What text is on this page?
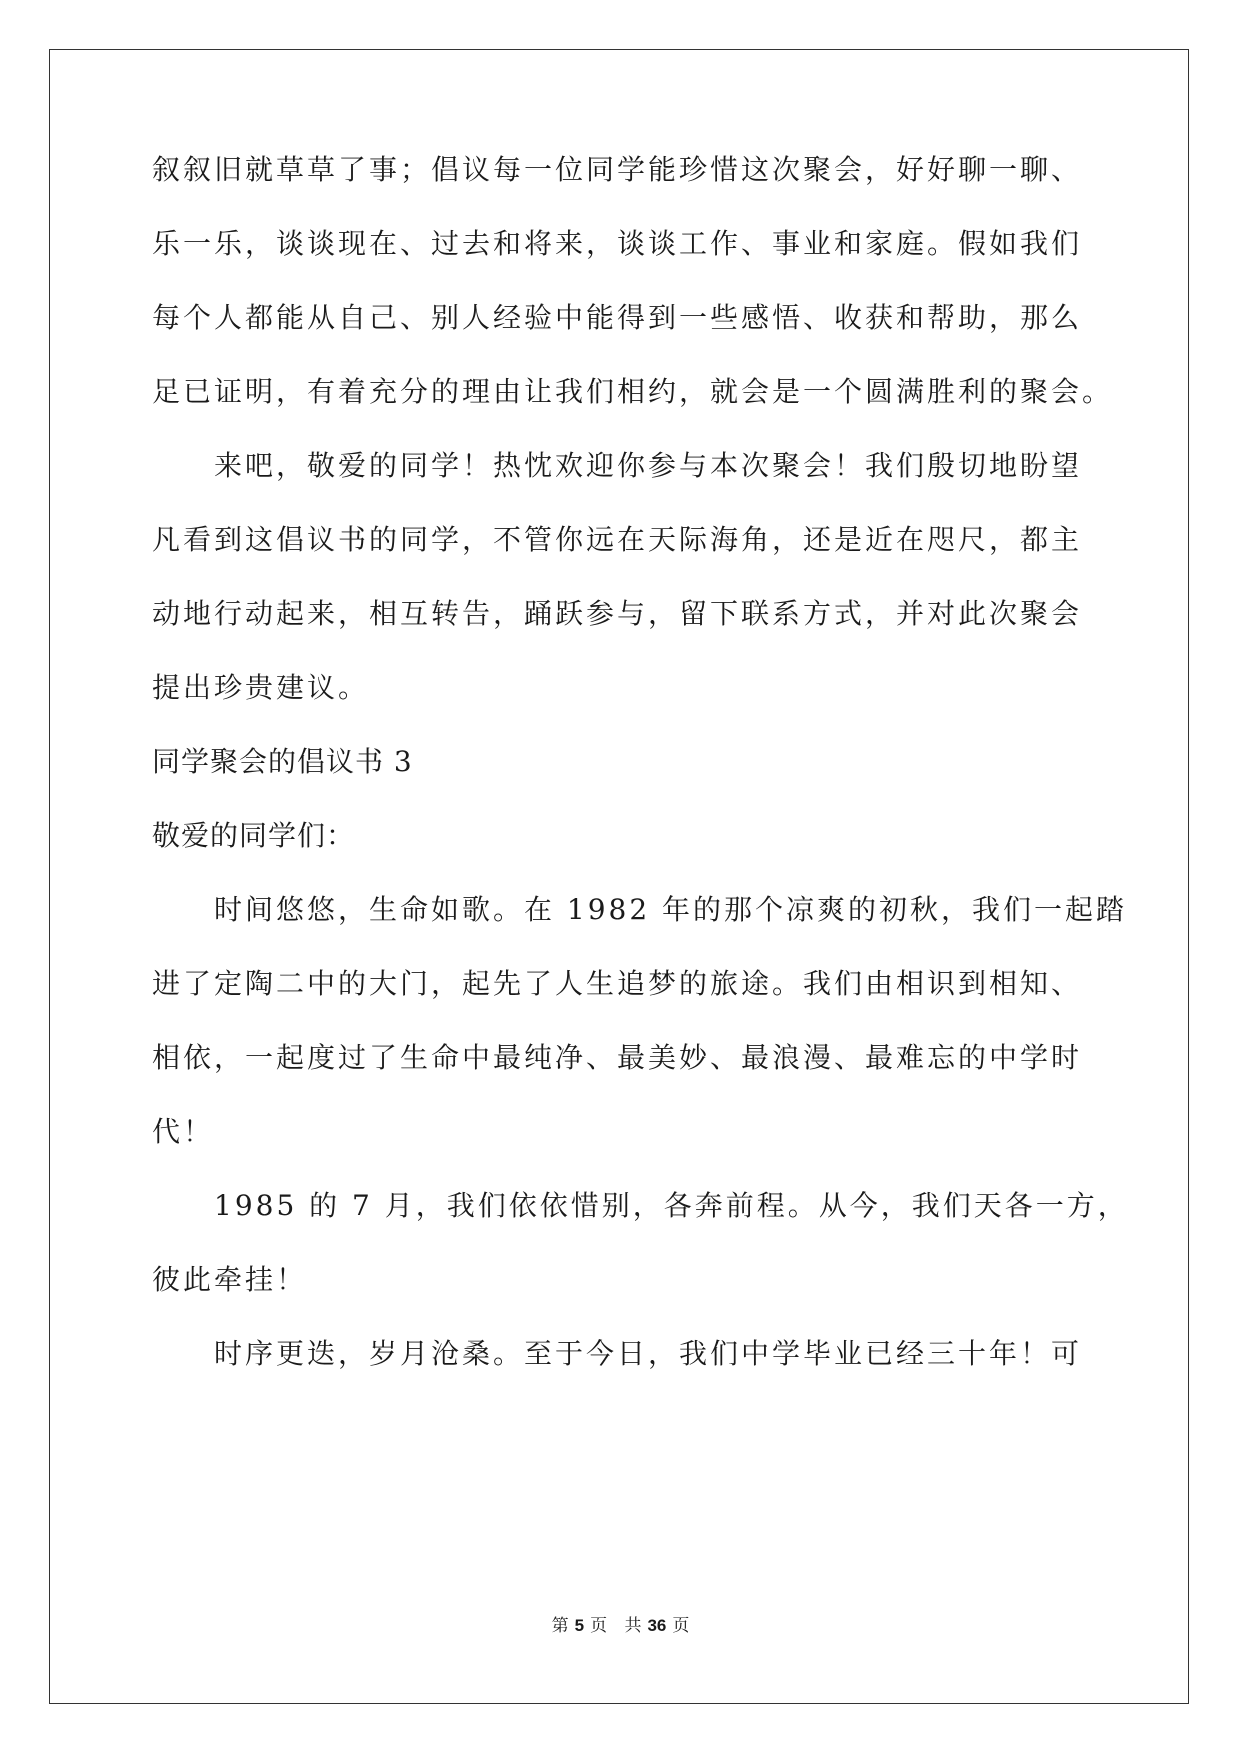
叙叙旧就草草了事；倡议每一位同学能珍惜这次聚会，好好聊一聊、

乐一乐，谈谈现在、过去和将来，谈谈工作、事业和家庭。假如我们

每个人都能从自己、别人经验中能得到一些感悟、收获和帮助，那么

足已证明，有着充分的理由让我们相约，就会是一个圆满胜利的聚会。

来吧，敬爱的同学！热忱欢迎你参与本次聚会！我们殷切地盼望

凡看到这倡议书的同学，不管你远在天际海角，还是近在咫尺，都主

动地行动起来，相互转告，踊跃参与，留下联系方式，并对此次聚会

提出珍贵建议。

同学聚会的倡议书 3

敬爱的同学们：

时间悠悠，生命如歌。在 1982 年的那个凉爽的初秋，我们一起踏

进了定陶二中的大门，起先了人生追梦的旅途。我们由相识到相知、

相依，一起度过了生命中最纯净、最美妙、最浪漫、最难忘的中学时

代！

1985 的 7 月，我们依依惜别，各奔前程。从今，我们天各一方，

彼此牵挂！

时序更迭，岁月沧桑。至于今日，我们中学毕业已经三十年！可

第 5 页 共 36 页
